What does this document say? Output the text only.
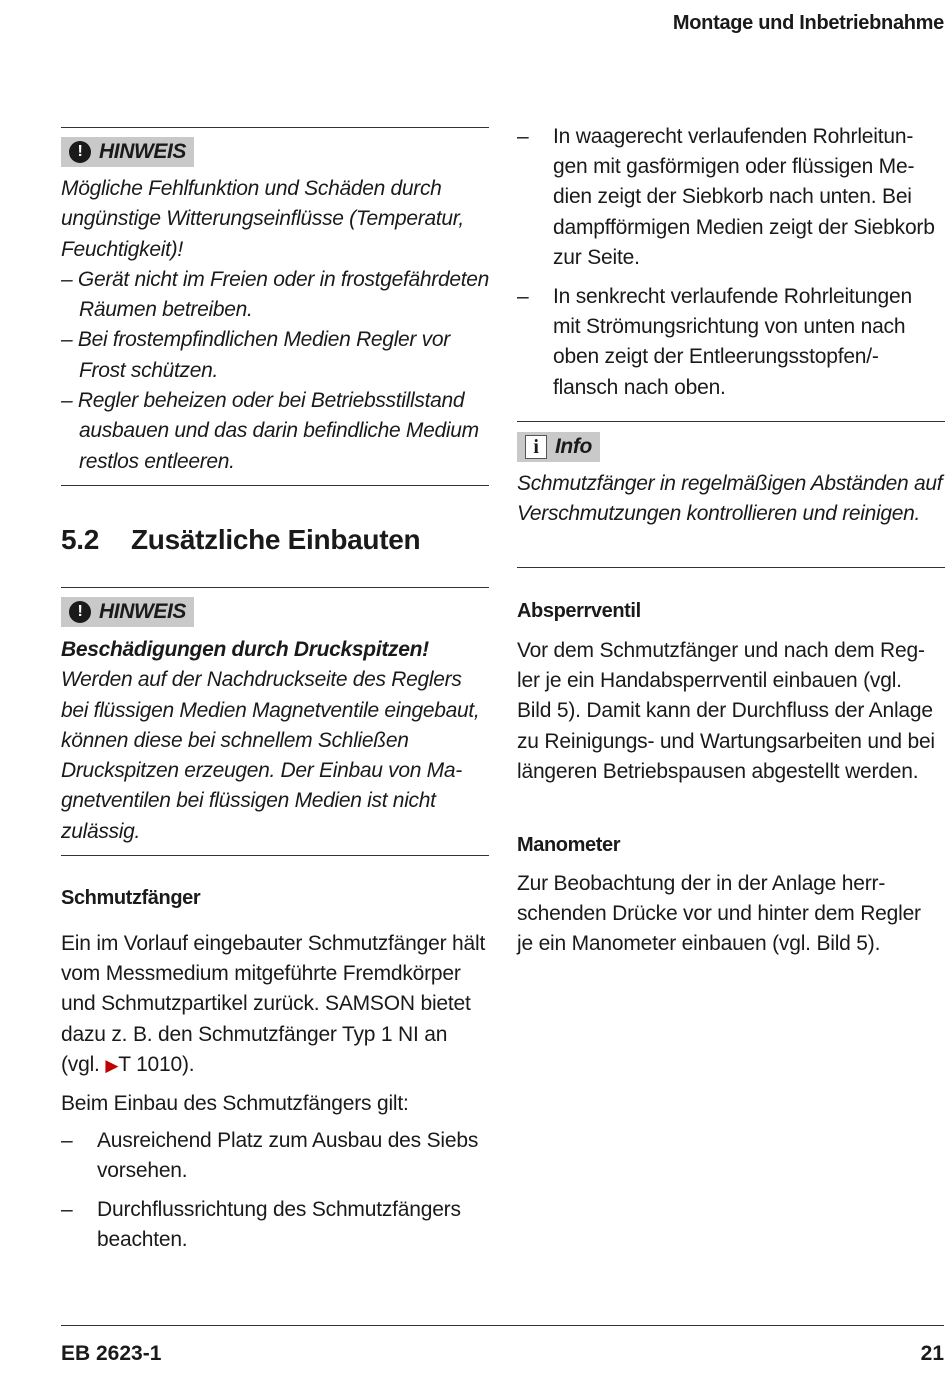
Montage und Inbetriebnahme
! HINWEIS

Mögliche Fehlfunktion und Schäden durch ungünstige Witterungseinflüsse (Temperatur, Feuchtigkeit)!

– Gerät nicht im Freien oder in frostgefährdeten Räumen betreiben.

– Bei frostempfindlichen Medien Regler vor Frost schützen.

– Regler beheizen oder bei Betriebsstillstand ausbauen und das darin befindliche Medium restlos entleeren.

5.2 Zusätzliche Einbauten
! HINWEIS

Beschädigungen durch Druckspitzen!

Werden auf der Nachdruckseite des Reglers bei flüssigen Medien Magnetventile eingebaut, können diese bei schnellem Schließen Druckspitzen erzeugen. Der Einbau von Magnetventilen bei flüssigen Medien ist nicht zulässig.

Schmutzfänger

Ein im Vorlauf eingebauter Schmutzfänger hält vom Messmedium mitgeführte Fremdkörper und Schmutzpartikel zurück. SAMSON bietet dazu z. B. den Schmutzfänger Typ 1 NI an (vgl. ▶T 1010).

Beim Einbau des Schmutzfängers gilt:

– Ausreichend Platz zum Ausbau des Siebs vorsehen.
– Durchflussrichtung des Schmutzfängers beachten.
– In waagerecht verlaufenden Rohrleitungen mit gasförmigen oder flüssigen Medien zeigt der Siebkorb nach unten. Bei dampfförmigen Medien zeigt der Siebkorb zur Seite.
– In senkrecht verlaufende Rohrleitungen mit Strömungsrichtung von unten nach oben zeigt der Entleerungsstopfen/-flansch nach oben.
i Info
Schmutzfänger in regelmäßigen Abständen auf Verschmutzungen kontrollieren und reinigen.
Absperrventil
Vor dem Schmutzfänger und nach dem Regler je ein Handabsperrventil einbauen (vgl. Bild 5). Damit kann der Durchfluss der Anlage zu Reinigungs- und Wartungsarbeiten und bei längeren Betriebspausen abgestellt werden.
Manometer
Zur Beobachtung der in der Anlage herrschenden Drücke vor und hinter dem Regler je ein Manometer einbauen (vgl. Bild 5).
EB 2623-1	21
